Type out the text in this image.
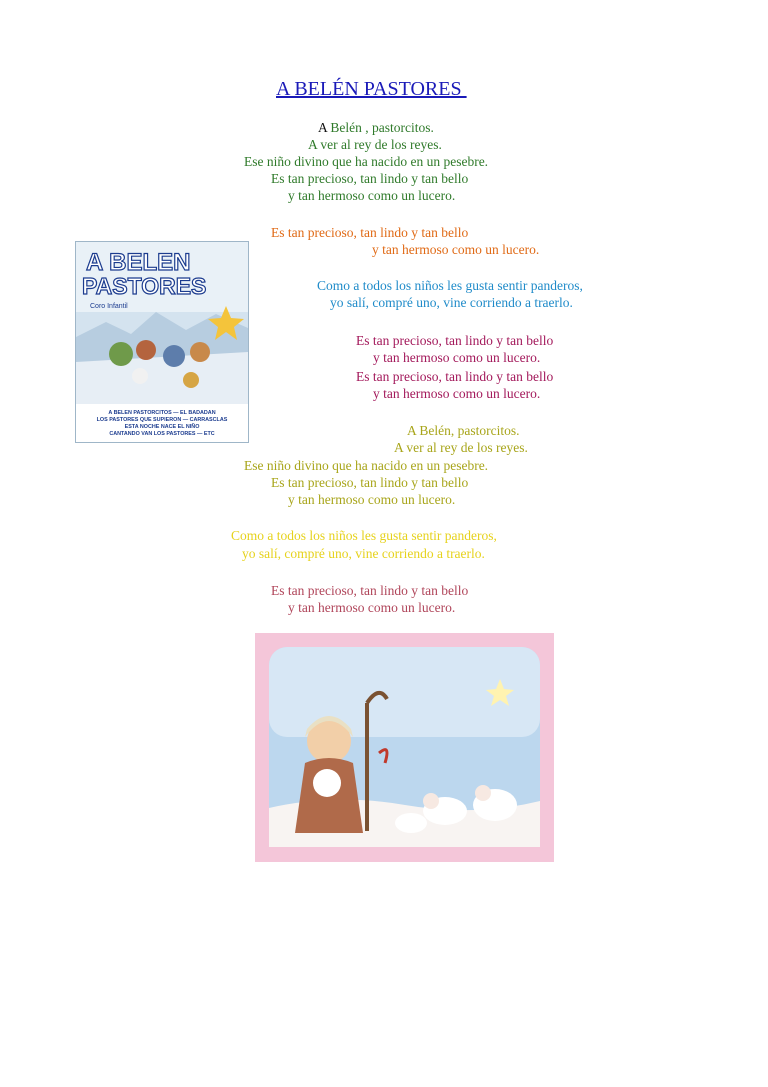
A BELÉN PASTORES
A Belén , pastorcitos.
A ver al rey de los reyes.
Ese niño divino que ha nacido en un pesebre.
Es tan precioso, tan lindo y tan bello
y tan hermoso como un lucero.
Es tan precioso, tan lindo y tan bello
y tan hermoso como un lucero.
Como a todos los niños les gusta sentir panderos,
yo salí, compré uno, vine corriendo a traerlo.
Es tan precioso, tan lindo y tan bello
y tan hermoso como un lucero.
Es tan precioso, tan lindo y tan bello
y tan hermoso como un lucero.
A Belén, pastorcitos.
A ver al rey de los reyes.
Ese niño divino que ha nacido en un pesebre.
Es tan precioso, tan lindo y tan bello
y tan hermoso como un lucero.
Como a todos los niños les gusta sentir panderos,
yo salí, compré uno, vine corriendo a traerlo.
Es tan precioso, tan lindo y tan bello
y tan hermoso como un lucero.
A BELEN
PASTORES
Coro Infantil
A BELEN PASTORCITOS — EL BADADAN
LOS PASTORES QUE SUPIERON — CARRASCLAS
ESTA NOCHE NACE EL NIÑO
CANTANDO VAN LOS PASTORES — ETC
